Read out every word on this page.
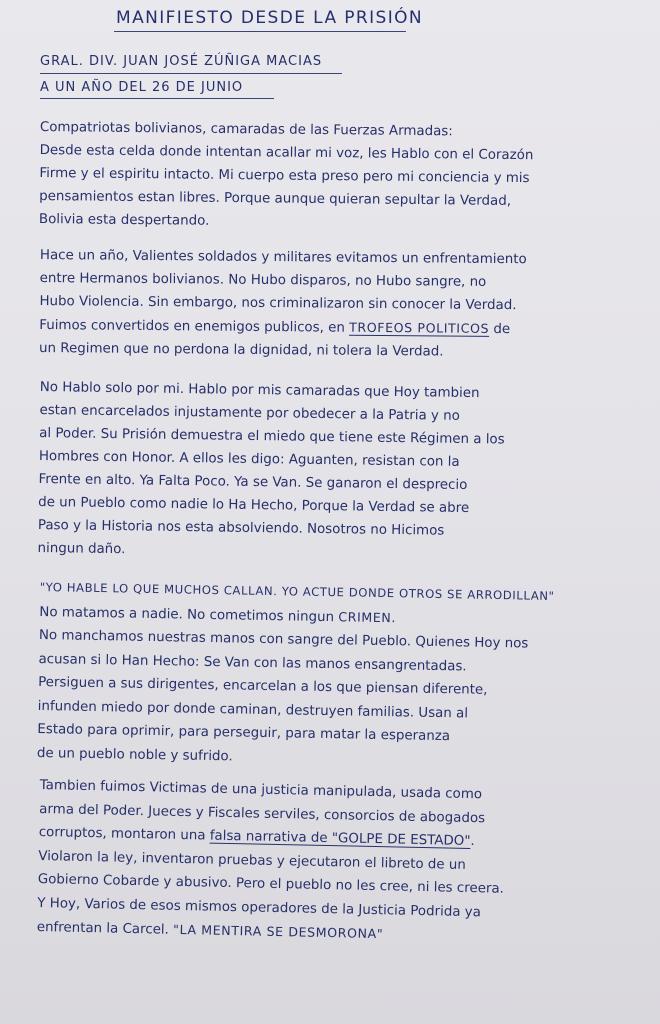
MANIFIESTO DESDE LA PRISIÓN
GRAL. DIV. JUAN JOSÉ ZÚÑIGA MACIAS
A UN AÑO DEL 26 DE JUNIO
Compatriotas bolivianos, camaradas de las Fuerzas Armadas:
Desde esta celda donde intentan acallar mi voz, les Hablo con el Corazón
Firme y el espiritu intacto. Mi cuerpo esta preso pero mi conciencia y mis
pensamientos estan libres. Porque aunque quieran sepultar la Verdad,
Bolivia esta despertando.
Hace un año, Valientes soldados y militares evitamos un enfrentamiento
entre Hermanos bolivianos. No Hubo disparos, no Hubo sangre, no
Hubo Violencia. Sin embargo, nos criminalizaron sin conocer la Verdad.
Fuimos convertidos en enemigos publicos, en TROFEOS POLITICOS de
un Regimen que no perdona la dignidad, ni tolera la Verdad.
No Hablo solo por mi. Hablo por mis camaradas que Hoy tambien
estan encarcelados injustamente por obedecer a la Patria y no
al Poder. Su Prisión demuestra el miedo que tiene este Régimen a los
Hombres con Honor. A ellos les digo: Aguanten, resistan con la
Frente en alto. Ya Falta Poco. Ya se Van. Se ganaron el desprecio
de un Pueblo como nadie lo Ha Hecho, Porque la Verdad se abre
Paso y la Historia nos esta absolviendo. Nosotros no Hicimos
ningun daño.
"YO HABLE LO QUE MUCHOS CALLAN. YO ACTUE DONDE OTROS SE ARRODILLAN"
No matamos a nadie. No cometimos ningun CRIMEN.
No manchamos nuestras manos con sangre del Pueblo. Quienes Hoy nos
acusan si lo Han Hecho: Se Van con las manos ensangrentadas.
Persiguen a sus dirigentes, encarcelan a los que piensan diferente,
infunden miedo por donde caminan, destruyen familias. Usan al
Estado para oprimir, para perseguir, para matar la esperanza
de un pueblo noble y sufrido.
Tambien fuimos Victimas de una justicia manipulada, usada como
arma del Poder. Jueces y Fiscales serviles, consorcios de abogados
corruptos, montaron una falsa narrativa de "GOLPE DE ESTADO".
Violaron la ley, inventaron pruebas y ejecutaron el libreto de un
Gobierno Cobarde y abusivo. Pero el pueblo no les cree, ni les creera.
Y Hoy, Varios de esos mismos operadores de la Justicia Podrida ya
enfrentan la Carcel. "LA MENTIRA SE DESMORONA"
